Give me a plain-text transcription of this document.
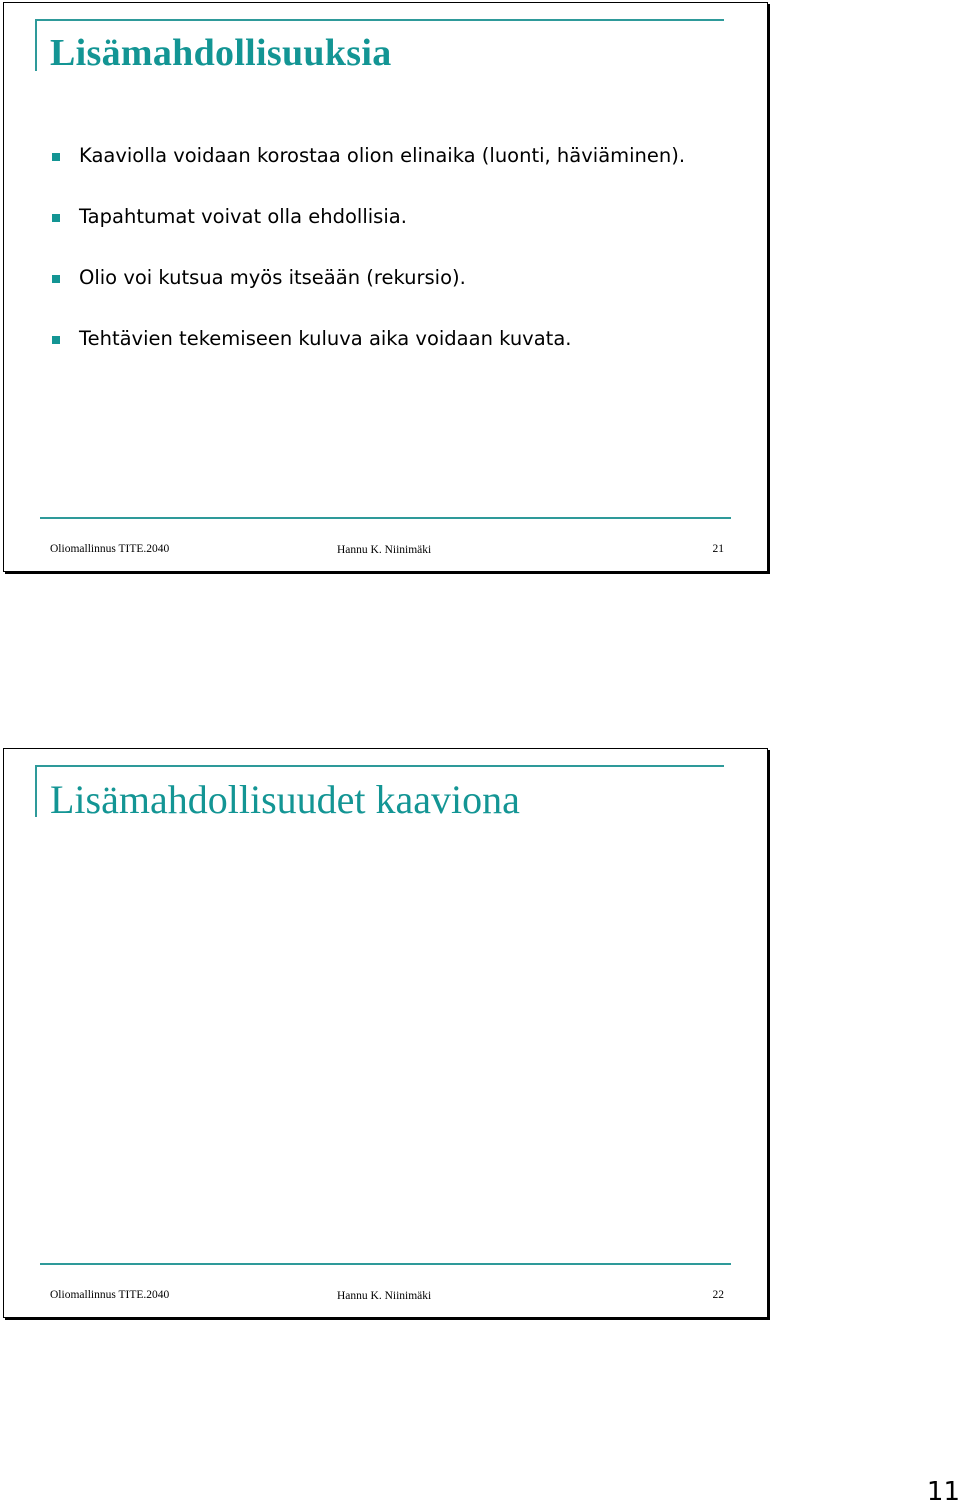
Lisämahdollisuuksia
Kaaviolla voidaan korostaa olion elinaika (luonti, häviäminen).
Tapahtumat voivat olla ehdollisia.
Olio voi kutsua myös itseään (rekursio).
Tehtävien tekemiseen kuluva aika voidaan kuvata.
Oliomallinnus TITE.2040	Hannu K. Niinimäki	21
Lisämahdollisuudet kaaviona
Oliomallinnus TITE.2040	Hannu K. Niinimäki	22
11
